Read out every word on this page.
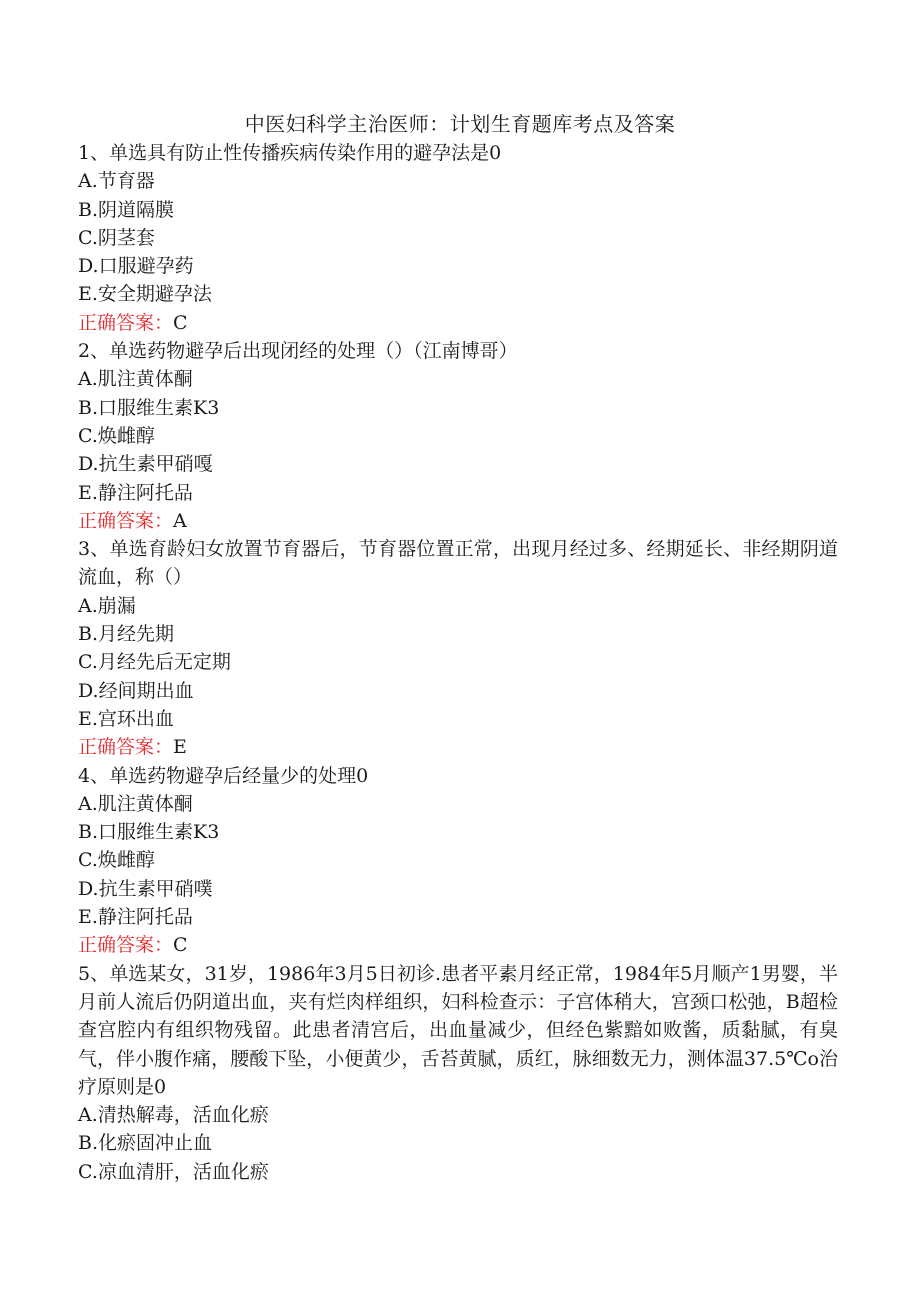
中医妇科学主治医师：计划生育题库考点及答案

1、单选具有防止性传播疾病传染作用的避孕法是0

A.节育器

B.阴道隔膜

C.阴茎套

D.口服避孕药

E.安全期避孕法

正确答案：C

2、单选药物避孕后出现闭经的处理（）（江南博哥）

A.肌注黄体酮

B.口服维生素K3

C.焕雌醇

D.抗生素甲硝嘎

E.静注阿托品

正确答案：A

3、单选育龄妇女放置节育器后，节育器位置正常，出现月经过多、经期延长、非经期阴道流血，称（）

A.崩漏

B.月经先期

C.月经先后无定期

D.经间期出血

E.宫环出血

正确答案：E

4、单选药物避孕后经量少的处理0

A.肌注黄体酮

B.口服维生素K3

C.焕雌醇

D.抗生素甲硝噗

E.静注阿托品

正确答案：C

5、单选某女，31岁，1986年3月5日初诊.患者平素月经正常，1984年5月顺产1男婴，半月前人流后仍阴道出血，夹有烂肉样组织，妇科检查示：子宫体稍大，宫颈口松弛，B超检查宫腔内有组织物残留。此患者清宫后，出血量减少，但经色紫黯如败酱，质黏腻，有臭气，伴小腹作痛，腰酸下坠，小便黄少，舌苔黄腻，质红，脉细数无力，测体温37.5℃o治疗原则是0

A.清热解毒，活血化瘀

B.化瘀固冲止血

C.凉血清肝，活血化瘀
